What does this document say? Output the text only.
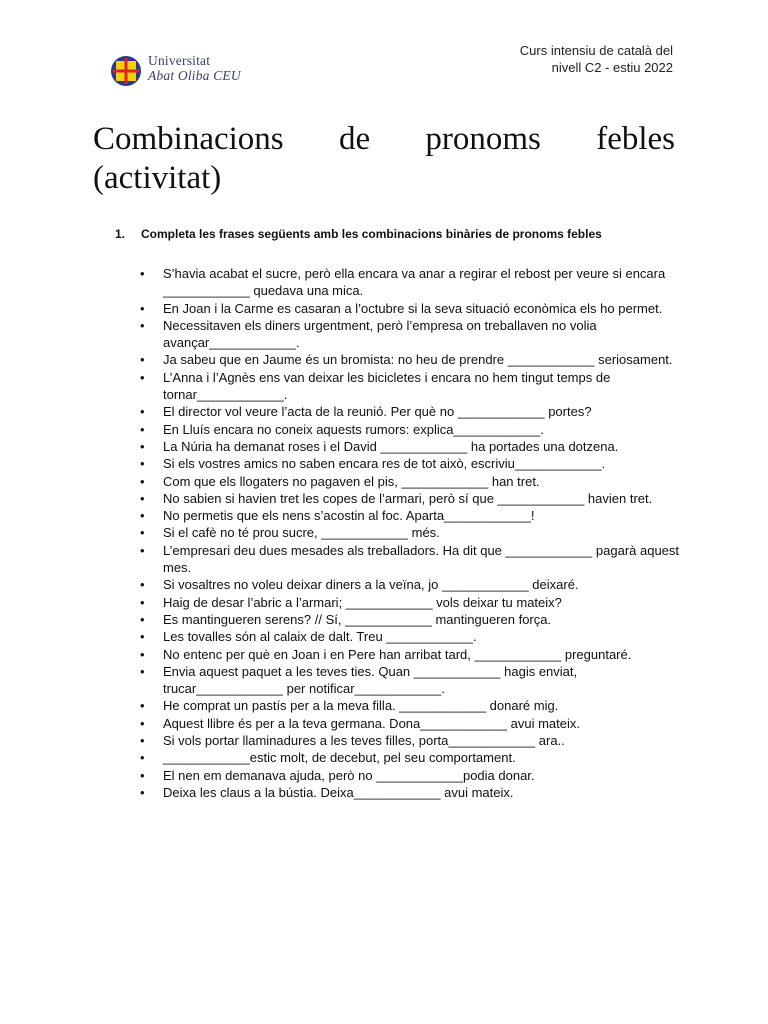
Universitat
Abat Oliba CEU
Curs intensiu de català del
nivell C2 - estiu 2022
Combinacions de pronoms febles
(activitat)
1. Completa les frases següents amb les combinacions binàries de pronoms febles
• S’havia acabat el sucre, però ella encara va anar a regirar el rebost per veure si encara ____________ quedava una mica.
• En Joan i la Carme es casaran a l’octubre si la seva situació econòmica els ho permet.
• Necessitaven els diners urgentment, però l’empresa on treballaven no volia avançar____________.
• Ja sabeu que en Jaume és un bromista: no heu de prendre ____________ seriosament.
• L’Anna i l’Agnès ens van deixar les bicicletes i encara no hem tingut temps de tornar____________.
• El director vol veure l’acta de la reunió. Per què no ____________ portes?
• En Lluís encara no coneix aquests rumors: explica____________.
• La Núria ha demanat roses i el David ____________ ha portades una dotzena.
• Si els vostres amics no saben encara res de tot això, escriviu____________.
• Com que els llogaters no pagaven el pis, ____________ han tret.
• No sabien si havien tret les copes de l’armari, però sí que ____________ havien tret.
• No permetis que els nens s’acostin al foc. Aparta____________!
• Si el cafè no té prou sucre, ____________ més.
• L’empresari deu dues mesades als treballadors. Ha dit que ____________ pagarà aquest mes.
• Si vosaltres no voleu deixar diners a la veïna, jo ____________ deixaré.
• Haig de desar l’abric a l’armari; ____________ vols deixar tu mateix?
• Es mantingueren serens? // Sí, ____________ mantingueren força.
• Les tovalles són al calaix de dalt. Treu ____________.
• No entenc per què en Joan i en Pere han arribat tard, ____________ preguntaré.
• Envia aquest paquet a les teves ties. Quan ____________ hagis enviat, trucar____________ per notificar____________.
• He comprat un pastís per a la meva filla. ____________ donaré mig.
• Aquest llibre és per a la teva germana. Dona____________ avui mateix.
• Si vols portar llaminadures a les teves filles, porta____________ ara..
• ____________estic molt, de decebut, pel seu comportament.
• El nen em demanava ajuda, però no ____________podia donar.
• Deixa les claus a la bústia. Deixa____________ avui mateix.
